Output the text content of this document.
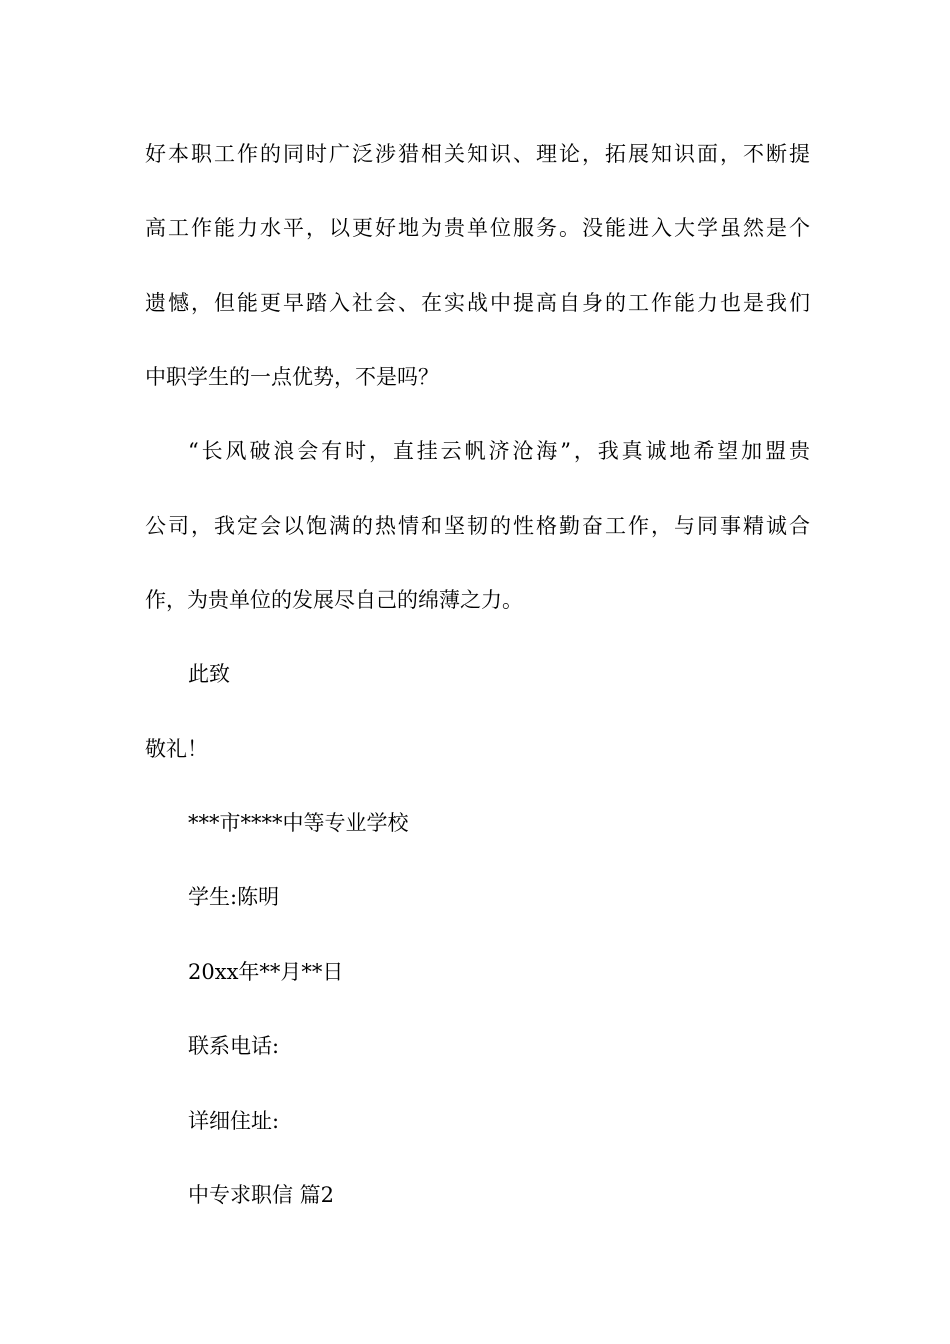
好本职工作的同时广泛涉猎相关知识、理论，拓展知识面，不断提
高工作能力水平，以更好地为贵单位服务。没能进入大学虽然是个
遗憾，但能更早踏入社会、在实战中提高自身的工作能力也是我们
中职学生的一点优势，不是吗？
“长风破浪会有时，直挂云帆济沧海”，我真诚地希望加盟贵
公司，我定会以饱满的热情和坚韧的性格勤奋工作，与同事精诚合
作，为贵单位的发展尽自己的绵薄之力。
此致
敬礼！
***市****中等专业学校
学生:陈明
20xx年**月**日
联系电话:
详细住址:
中专求职信 篇2
